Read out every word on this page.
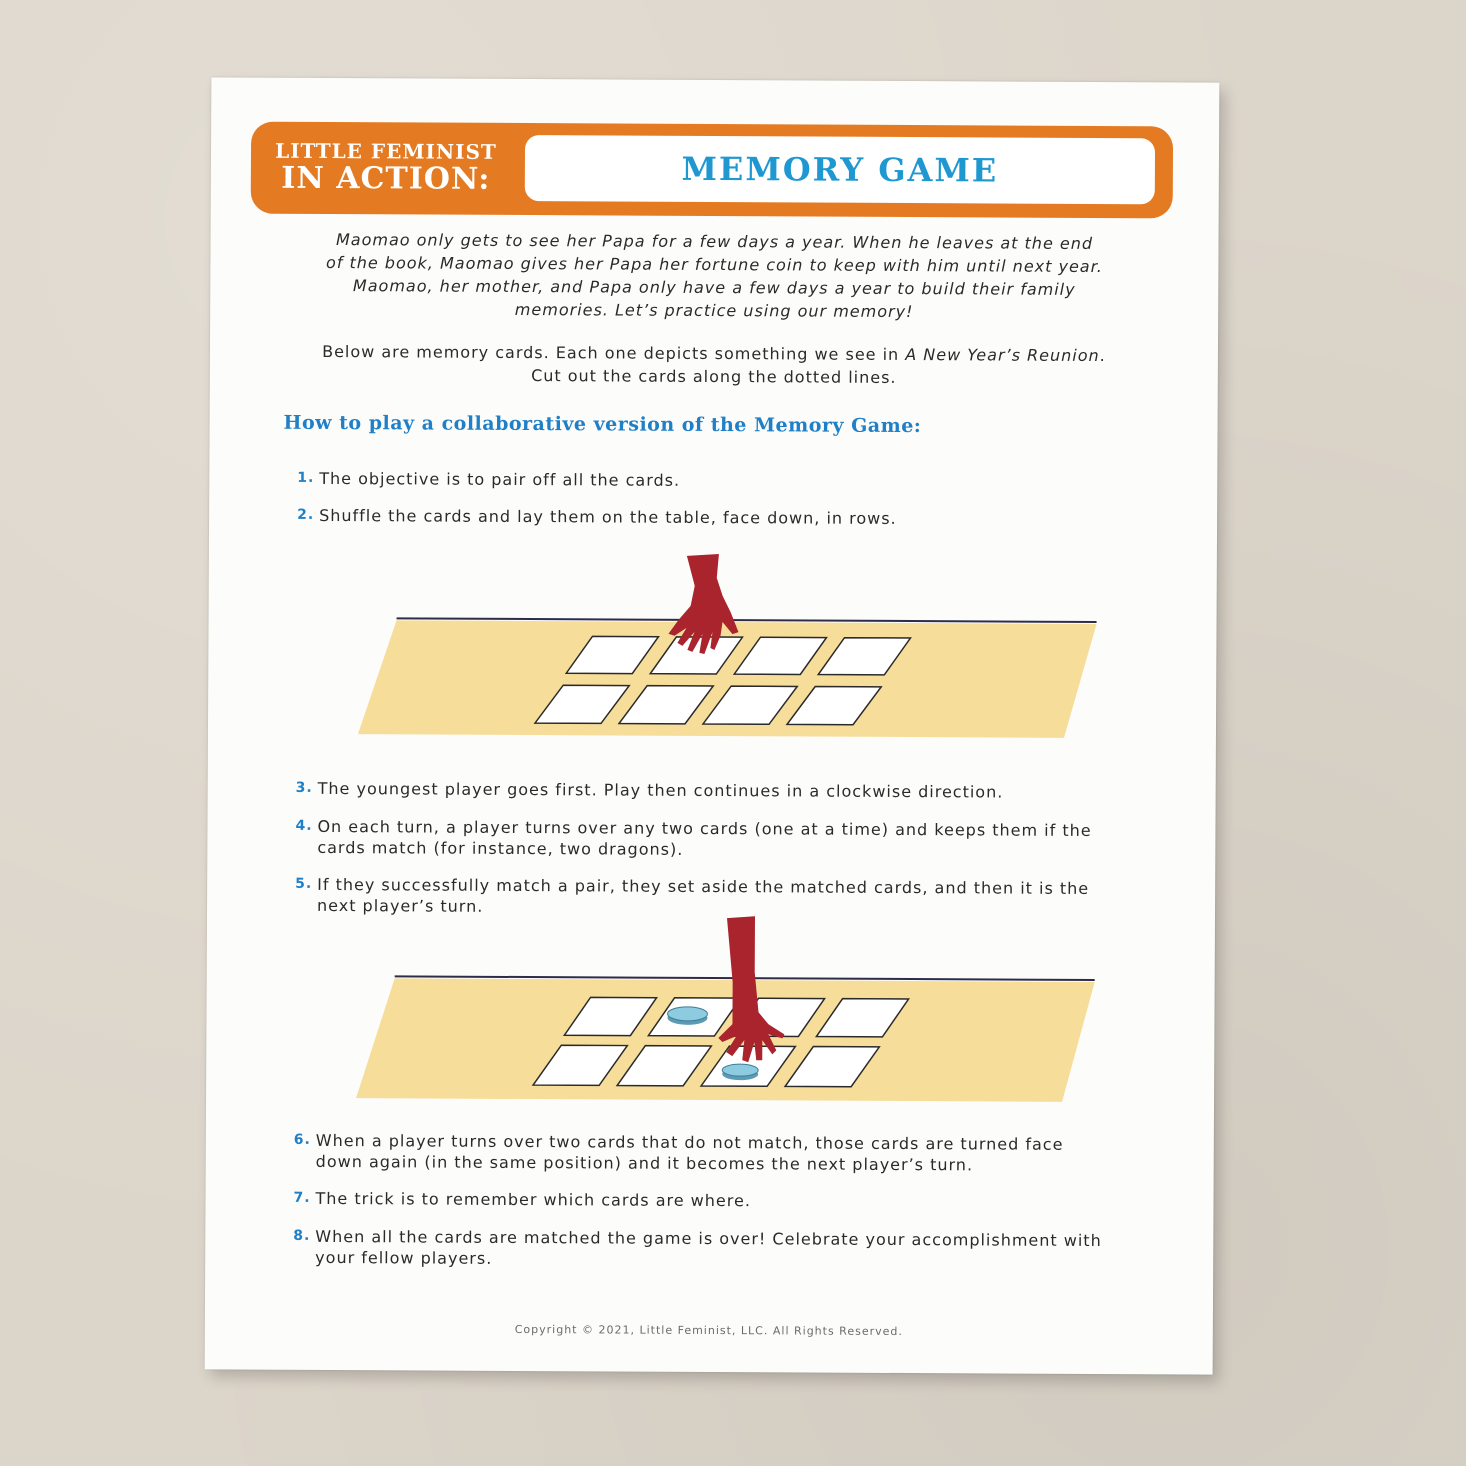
LITTLE FEMINIST
IN ACTION:	MEMORY GAME
Maomao only gets to see her Papa for a few days a year. When he leaves at the end
of the book, Maomao gives her Papa her fortune coin to keep with him until next year.
Maomao, her mother, and Papa only have a few days a year to build their family
memories. Let’s practice using our memory!
Below are memory cards. Each one depicts something we see in A New Year’s Reunion.
Cut out the cards along the dotted lines.
How to play a collaborative version of the Memory Game:
1. The objective is to pair off all the cards.
2. Shuffle the cards and lay them on the table, face down, in rows.
3. The youngest player goes first. Play then continues in a clockwise direction.
4. On each turn, a player turns over any two cards (one at a time) and keeps them if the
cards match (for instance, two dragons).
5. If they successfully match a pair, they set aside the matched cards, and then it is the
next player’s turn.
6. When a player turns over two cards that do not match, those cards are turned face
down again (in the same position) and it becomes the next player’s turn.
7. The trick is to remember which cards are where.
8. When all the cards are matched the game is over! Celebrate your accomplishment with
your fellow players.
Copyright © 2021, Little Feminist, LLC. All Rights Reserved.
